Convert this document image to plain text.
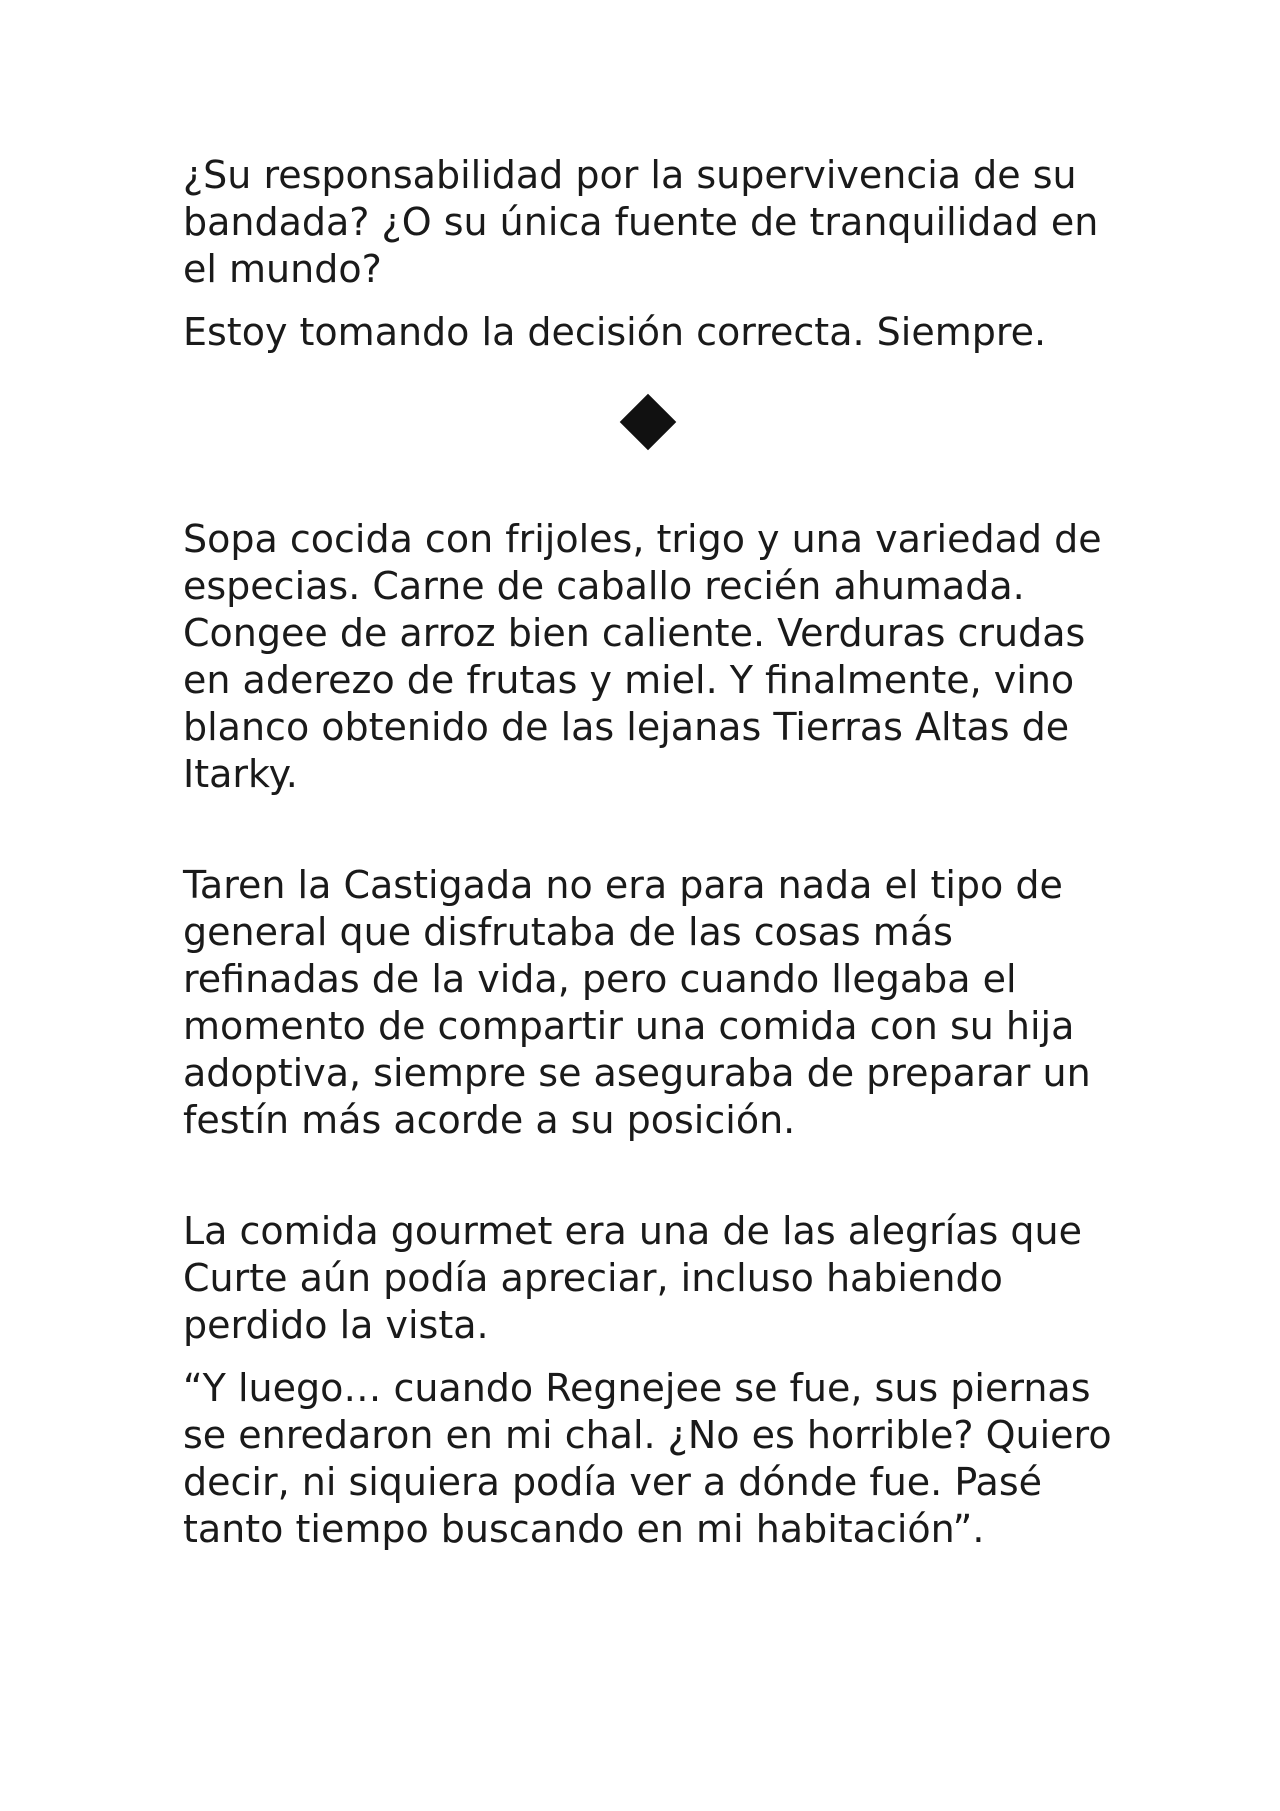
¿Su responsabilidad por la supervivencia de su bandada? ¿O su única fuente de tranquilidad en el mundo?

Estoy tomando la decisión correcta. Siempre.

Sopa cocida con frijoles, trigo y una variedad de especias. Carne de caballo recién ahumada. Congee de arroz bien caliente. Verduras crudas en aderezo de frutas y miel. Y finalmente, vino blanco obtenido de las lejanas Tierras Altas de Itarky.

Taren la Castigada no era para nada el tipo de general que disfrutaba de las cosas más refinadas de la vida, pero cuando llegaba el momento de compartir una comida con su hija adoptiva, siempre se aseguraba de preparar un festín más acorde a su posición.

La comida gourmet era una de las alegrías que Curte aún podía apreciar, incluso habiendo perdido la vista.

“Y luego… cuando Regnejee se fue, sus piernas se enredaron en mi chal. ¿No es horrible? Quiero decir, ni siquiera podía ver a dónde fue. Pasé tanto tiempo buscando en mi habitación”.
